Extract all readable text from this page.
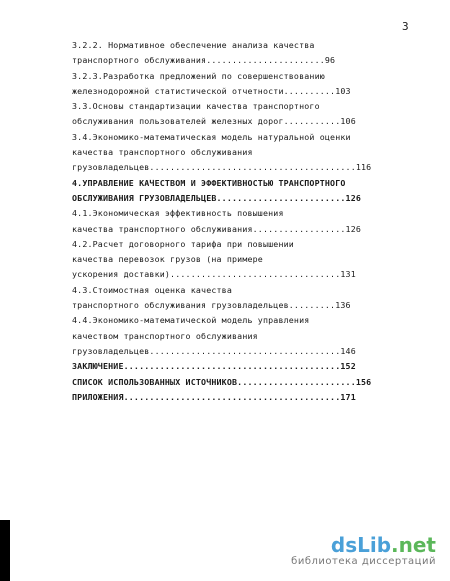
3
3.2.2. Нормативное обеспечение анализа качества
транспортного обслуживания.......................96
3.2.3.Разработка предложений по совершенствованию
железнодорожной статистической отчетности..........103
3.3.Основы стандартизации качества транспортного
обслуживания пользователей железных дорог...........106
3.4.Экономико-математическая модель натуральной оценки
качества транспортного обслуживания
грузовладельцев........................................116
4.УПРАВЛЕНИЕ КАЧЕСТВОМ И ЭФФЕКТИВНОСТЬЮ ТРАНСПОРТНОГО
ОБСЛУЖИВАНИЯ ГРУЗОВЛАДЕЛЬЦЕВ.........................126
4.1.Экономическая эффективность повышения
качества транспортного обслуживания..................126
4.2.Расчет договорного тарифа при повышении
качества перевозок грузов (на примере
ускорения доставки).................................131
4.3.Стоимостная оценка качества
транспортного обслуживания грузовладельцев.........136
4.4.Экономико-математической модель управления
качеством транспортного обслуживания
грузовладельцев.....................................146
ЗАКЛЮЧЕНИЕ..........................................152
СПИСОК ИСПОЛЬЗОВАННЫХ ИСТОЧНИКОВ.......................156
ПРИЛОЖЕНИЯ..........................................171
dsLib.net
библиотека диссертаций
